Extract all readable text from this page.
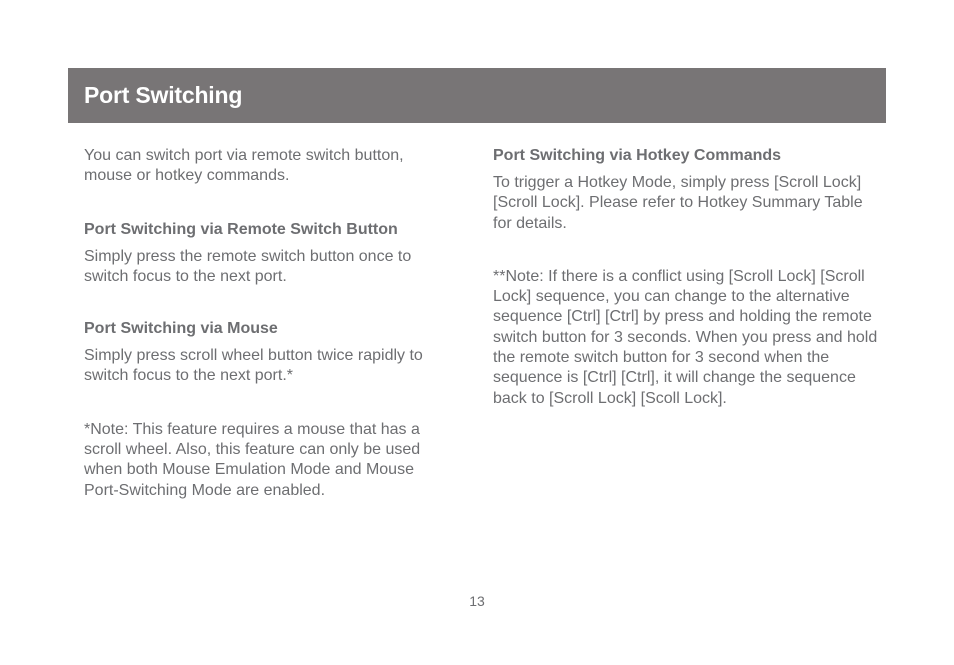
Port Switching

You can switch port via remote switch button, mouse or hotkey commands.

Port Switching via Remote Switch Button

Simply press the remote switch button once to switch focus to the next port.

Port Switching via Mouse

Simply press scroll wheel button twice rapidly to switch focus to the next port.*

*Note: This feature requires a mouse that has a scroll wheel. Also, this feature can only be used when both Mouse Emulation Mode and Mouse Port-Switching Mode are enabled.

Port Switching via Hotkey Commands

To trigger a Hotkey Mode, simply press [Scroll Lock] [Scroll Lock]. Please refer to Hotkey Summary Table for details.

**Note: If there is a conflict using [Scroll Lock] [Scroll Lock] sequence, you can change to the alternative sequence [Ctrl] [Ctrl] by press and holding the remote switch button for 3 seconds. When you press and hold the remote switch button for 3 second when the sequence is [Ctrl] [Ctrl], it will change the sequence back to [Scroll Lock] [Scoll Lock].

13
